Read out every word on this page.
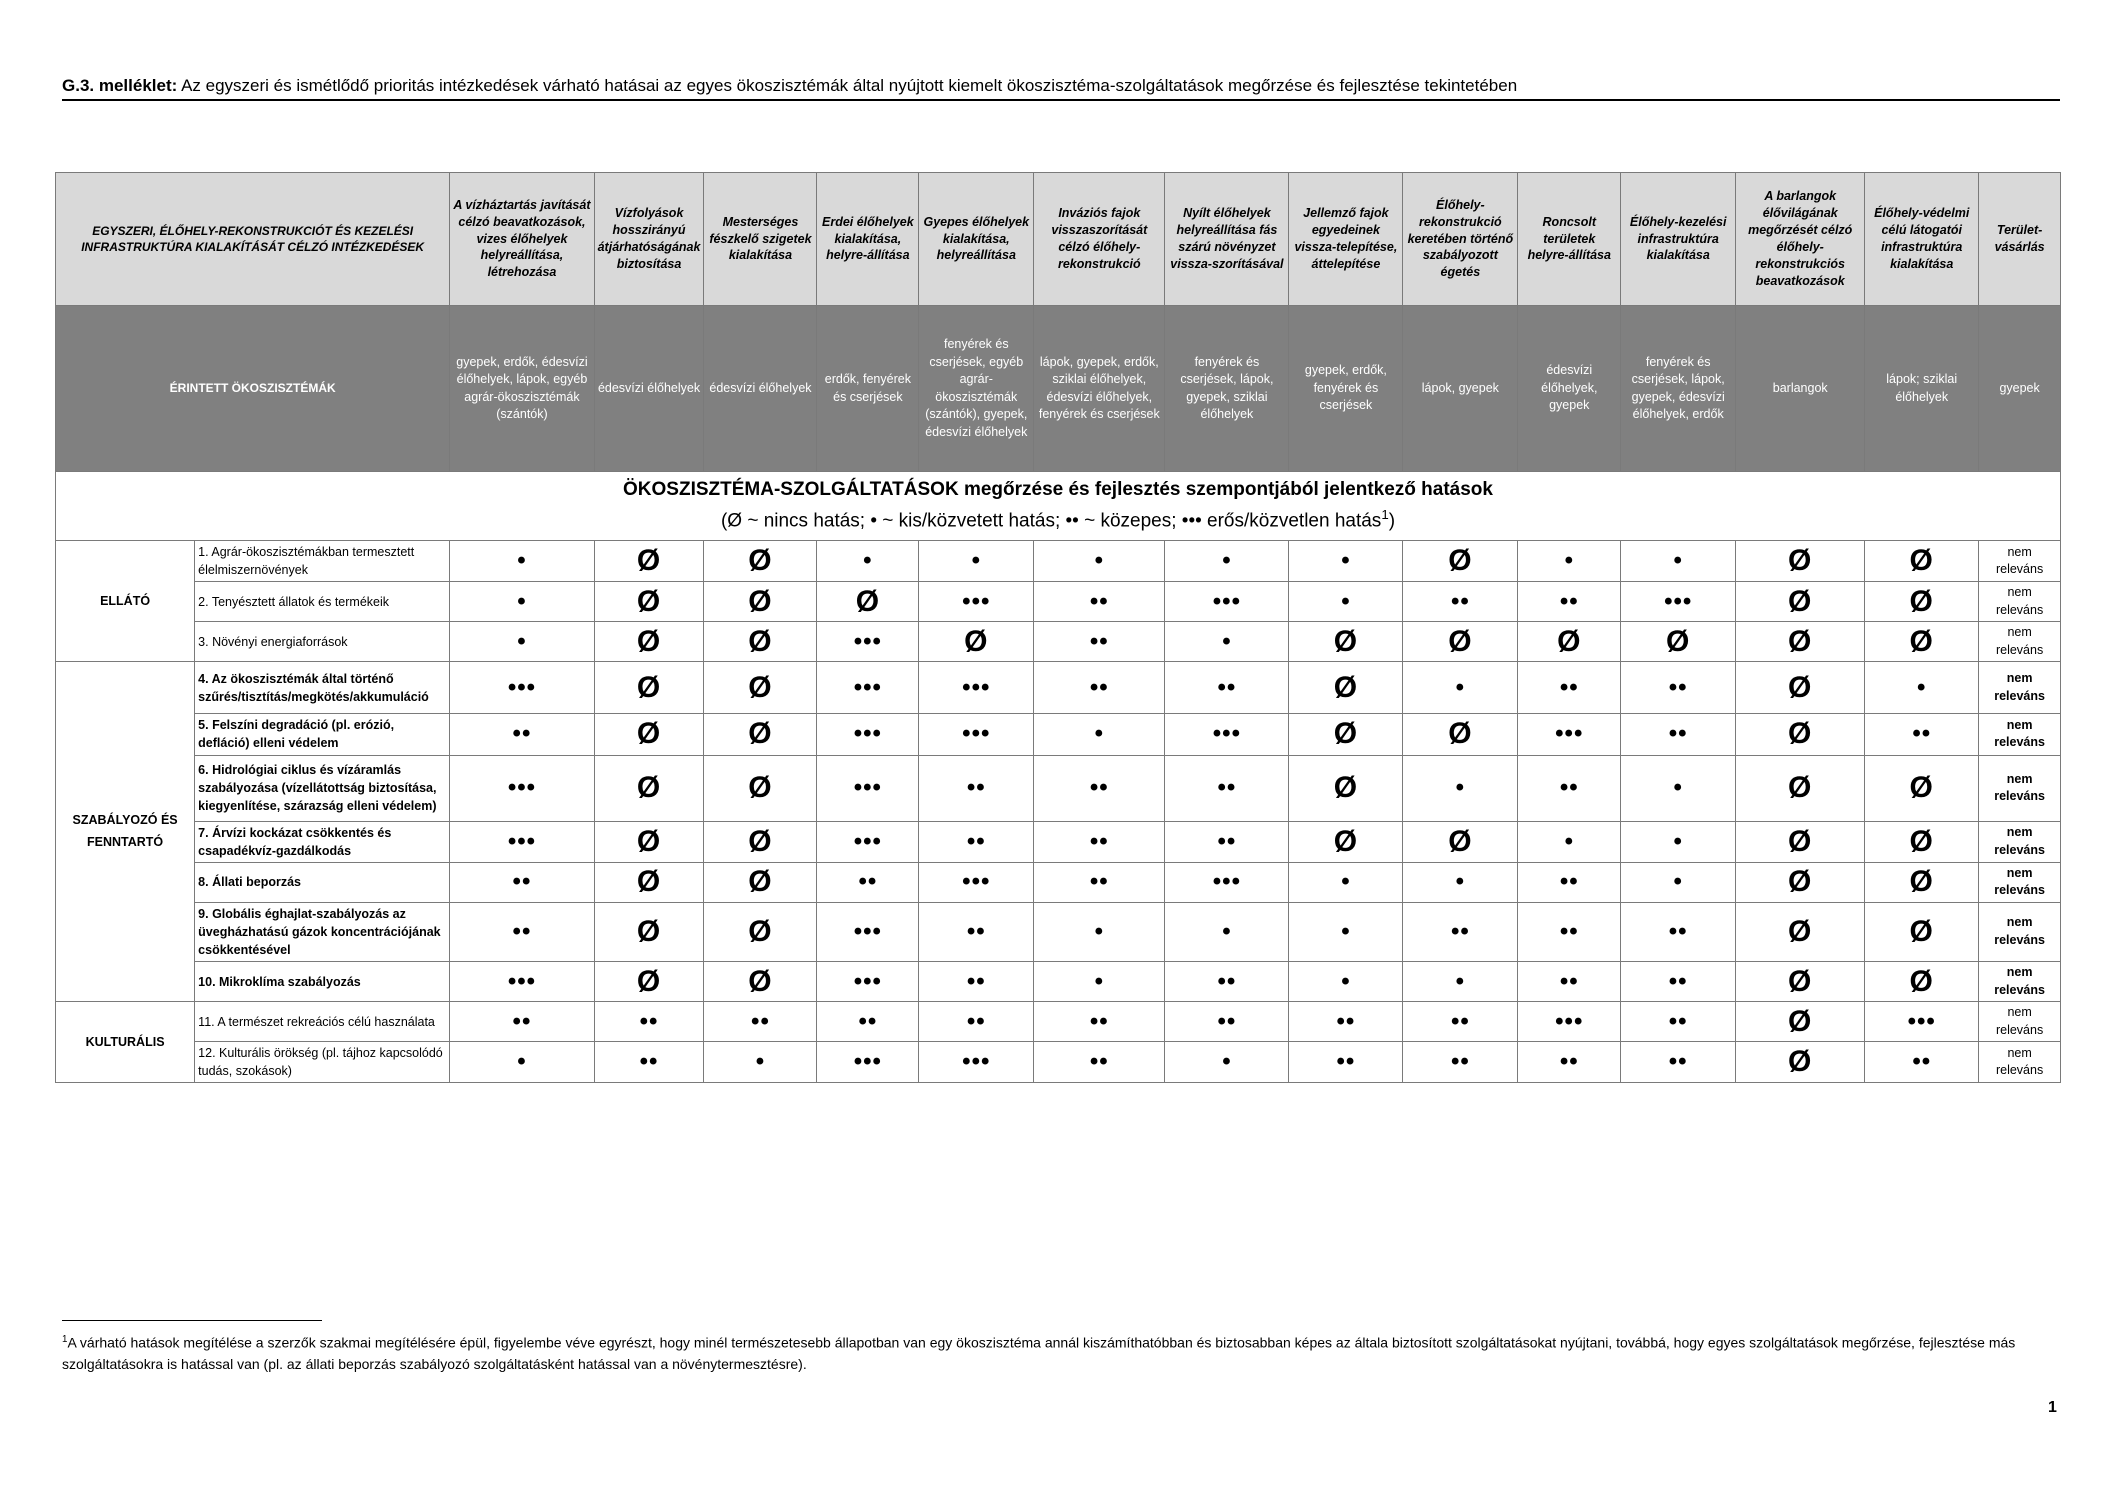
G.3. melléklet: Az egyszeri és ismétlődő prioritás intézkedések várható hatásai az egyes ökoszisztémák által nyújtott kiemelt ökoszisztéma-szolgáltatások megőrzése és fejlesztése tekintetében
EGYSZERI, ÉLŐHELY-REKONSTRUKCIÓT ÉS KEZELÉSI INFRASTRUKTÚRA KIALAKÍTÁSÁT CÉLZÓ INTÉZKEDÉSEK		A vízháztartás javítását célzó beavatkozások, vizes élőhelyek helyreállítása, létrehozása	Vízfolyások hosszirányú átjárhatóságának biztosítása	Mesterséges fészkelő szigetek kialakítása	Erdei élőhelyek kialakítása, helyre-állítása	Gyepes élőhelyek kialakítása, helyreállítása	Inváziós fajok visszaszorítását célzó élőhely-rekonstrukció	Nyílt élőhelyek helyreállítása fás szárú növényzet vissza-szorításával	Jellemző fajok egyedeinek vissza-telepítése, áttelepítése	Élőhely-rekonstrukció keretében történő szabályozott égetés	Roncsolt területek helyre-állítása	Élőhely-kezelési infrastruktúra kialakítása	A barlangok élővilágának megőrzését célzó élőhely-rekonstrukciós beavatkozások	Élőhely-védelmi célú látogatói infrastruktúra kialakítása	Terület-vásárlás
ÉRINTETT ÖKOSZISZTÉMÁK		gyepek, erdők, édesvízi élőhelyek, lápok, egyéb agrár-ökoszisztémák (szántók)	édesvízi élőhelyek	édesvízi élőhelyek	erdők, fenyérek és cserjések	fenyérek és cserjések, egyéb agrár-ökoszisztémák (szántók), gyepek, édesvízi élőhelyek	lápok, gyepek, erdők, sziklai élőhelyek, édesvízi élőhelyek, fenyérek és cserjések	fenyérek és cserjések, lápok, gyepek, sziklai élőhelyek	gyepek, erdők, fenyérek és cserjések	lápok, gyepek	édesvízi élőhelyek, gyepek	fenyérek és cserjések, lápok, gyepek, édesvízi élőhelyek, erdők	barlangok	lápok; sziklai élőhelyek	gyepek

ÖKOSZISZTÉMA-SZOLGÁLTATÁSOK megőrzése és fejlesztés szempontjából jelentkező hatások
(Ø ~ nincs hatás; • ~ kis/közvetett hatás; •• ~ közepes; ••• erős/közvetlen hatás$^1$)															

ELLÁTÓ	1. Agrár-ökoszisztémákban termesztett élelmiszernövények	•	Ø	Ø	•	•	•	•	•	Ø	•	•	Ø	Ø	nem releváns
	2. Tenyésztett állatok és termékeik	•	Ø	Ø	Ø	•••	••	•••	•	••	••	•••	Ø	Ø	nem releváns
	3. Növényi energiaforrások	•	Ø	Ø	•••	Ø	••	•	Ø	Ø	Ø	Ø	Ø	Ø	nem releváns
SZABÁLYOZÓ ÉS FENNTARTÓ	4. Az ökoszisztémák által történő szűrés/tisztítás/megkötés/akkumuláció	•••	Ø	Ø	•••	•••	••	••	Ø	•	••	••	Ø	•	nem releváns
	5. Felszíni degradáció (pl. erózió, defláció) elleni védelem	••	Ø	Ø	•••	•••	•	•••	Ø	Ø	•••	••	Ø	••	nem releváns
	6. Hidrológiai ciklus és vízáramlás szabályozása (vízellátottság biztosítása, kiegyenlítése, szárazság elleni védelem)	•••	Ø	Ø	•••	••	••	••	Ø	•	••	•	Ø	Ø	nem releváns
	7. Árvízi kockázat csökkentés és csapadékvíz-gazdálkodás	•••	Ø	Ø	•••	••	••	••	Ø	Ø	•	•	Ø	Ø	nem releváns
	8. Állati beporzás	••	Ø	Ø	••	•••	••	•••	•	•	••	•	Ø	Ø	nem releváns
	9. Globális éghajlat-szabályozás az üvegházhatású gázok koncentrációjának csökkentésével	••	Ø	Ø	•••	••	•	•	•	••	••	••	Ø	Ø	nem releváns
	10. Mikroklíma szabályozás	•••	Ø	Ø	•••	••	•	••	•	•	••	••	Ø	Ø	nem releváns
KULTURÁLIS	11. A természet rekreációs célú használata	••	••	••	••	••	••	••	••	••	•••	••	Ø	•••	nem releváns
	12. Kulturális örökség (pl. tájhoz kapcsolódó tudás, szokások)	•	••	•	•••	•••	••	•	••	••	••	••	Ø	••	nem releváns
$^1$A várható hatások megítélése a szerzők szakmai megítélésére épül, figyelembe véve egyrészt, hogy minél természetesebb állapotban van egy ökoszisztéma annál kiszámíthatóbban és biztosabban képes az általa biztosított szolgáltatásokat nyújtani, továbbá, hogy egyes szolgáltatások megőrzése, fejlesztése más szolgáltatásokra is hatással van (pl. az állati beporzás szabályozó szolgáltatásként hatással van a növénytermesztésre).
1
